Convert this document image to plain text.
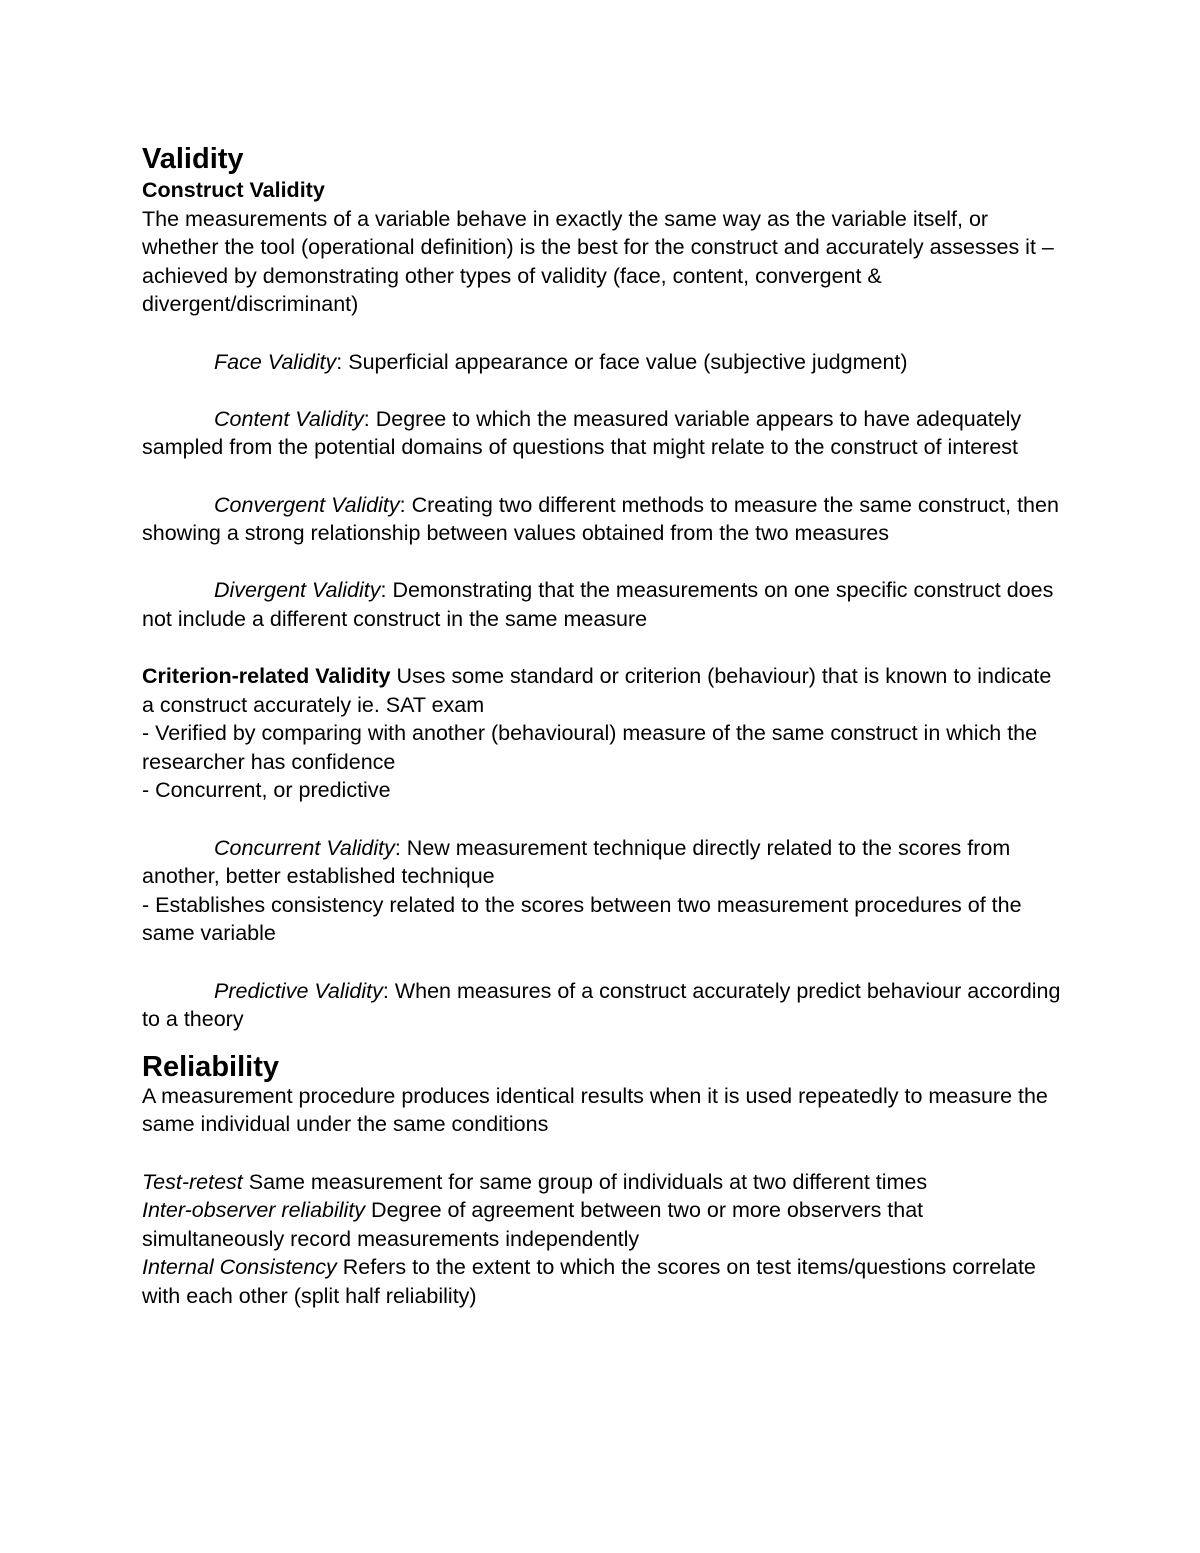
Validity
Construct Validity

The measurements of a variable behave in exactly the same way as the variable itself, or whether the tool (operational definition) is the best for the construct and accurately assesses it – achieved by demonstrating other types of validity (face, content, convergent & divergent/discriminant)

Face Validity: Superficial appearance or face value (subjective judgment)

Content Validity: Degree to which the measured variable appears to have adequately sampled from the potential domains of questions that might relate to the construct of interest

Convergent Validity: Creating two different methods to measure the same construct, then showing a strong relationship between values obtained from the two measures

Divergent Validity: Demonstrating that the measurements on one specific construct does not include a different construct in the same measure

Criterion-related Validity Uses some standard or criterion (behaviour) that is known to indicate a construct accurately ie. SAT exam

- Verified by comparing with another (behavioural) measure of the same construct in which the researcher has confidence

- Concurrent, or predictive

Concurrent Validity: New measurement technique directly related to the scores from another, better established technique

- Establishes consistency related to the scores between two measurement procedures of the same variable

Predictive Validity: When measures of a construct accurately predict behaviour according to a theory

Reliability

A measurement procedure produces identical results when it is used repeatedly to measure the same individual under the same conditions

Test-retest Same measurement for same group of individuals at two different times

Inter-observer reliability Degree of agreement between two or more observers that simultaneously record measurements independently

Internal Consistency Refers to the extent to which the scores on test items/questions correlate with each other (split half reliability)
